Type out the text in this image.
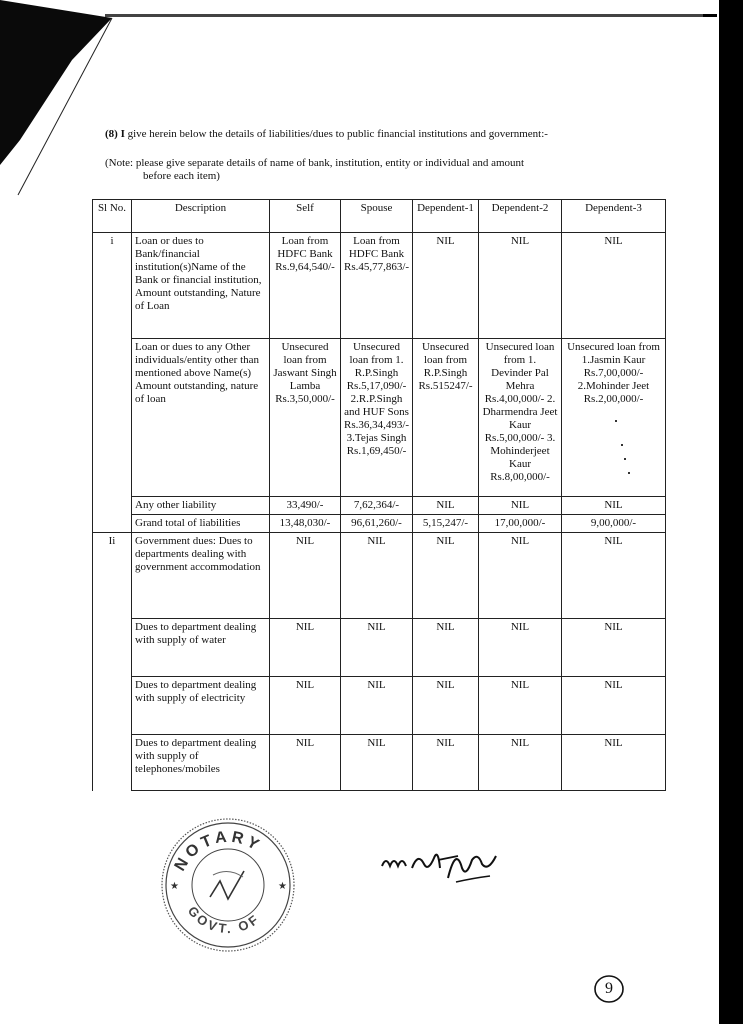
(8) I give herein below the details of liabilities/dues to public financial institutions and government:-
(Note: please give separate details of name of bank, institution, entity or individual and amount
before each item)
Sl No.	Description	Self	Spouse	Dependent-1	Dependent-2	Dependent-3
i	Loan or dues to Bank/financial institution(s)Name of the Bank or financial institution, Amount outstanding, Nature of Loan	Loan from HDFC Bank Rs.9,64,540/-	Loan from HDFC Bank Rs.45,77,863/-	NIL	NIL	NIL
	Loan or dues to any Other individuals/entity other than mentioned above Name(s) Amount outstanding, nature of loan	Unsecured loan from Jaswant Singh Lamba Rs.3,50,000/-	Unsecured loan from 1. R.P.Singh Rs.5,17,090/- 2.R.P.Singh and HUF Sons Rs.36,34,493/- 3.Tejas Singh Rs.1,69,450/-	Unsecured loan from R.P.Singh Rs.515247/-	Unsecured loan from 1. Devinder Pal Mehra Rs.4,00,000/- 2. Dharmendra Jeet Kaur Rs.5,00,000/- 3. Mohinderjeet Kaur Rs.8,00,000/-	Unsecured loan from 1.Jasmin Kaur Rs.7,00,000/- 2.Mohinder Jeet Rs.2,00,000/-
	Any other liability	33,490/-	7,62,364/-	NIL	NIL	NIL
	Grand total of liabilities	13,48,030/-	96,61,260/-	5,15,247/-	17,00,000/-	9,00,000/-
Ii	Government dues: Dues to departments dealing with government accommodation	NIL	NIL	NIL	NIL	NIL
	Dues to department dealing with supply of water	NIL	NIL	NIL	NIL	NIL
	Dues to department dealing with supply of electricity	NIL	NIL	NIL	NIL	NIL
	Dues to department dealing with supply of telephones/mobiles	NIL	NIL	NIL	NIL	NIL
NOTARY
GOVT. OF
★	★
9
